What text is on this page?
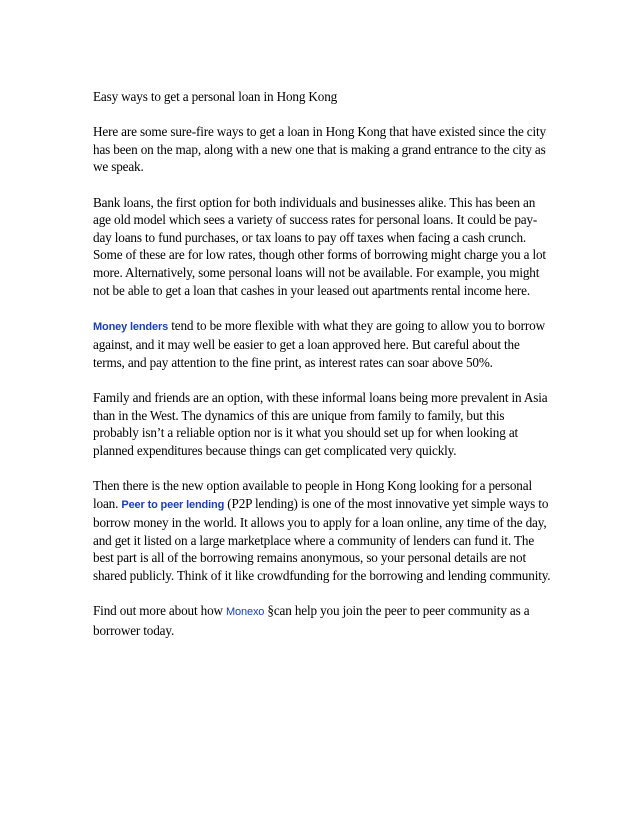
Easy ways to get a personal loan in Hong Kong

Here are some sure-fire ways to get a loan in Hong Kong that have existed since the city has been on the map, along with a new one that is making a grand entrance to the city as we speak.

Bank loans, the first option for both individuals and businesses alike. This has been an age old model which sees a variety of success rates for personal loans. It could be pay-day loans to fund purchases, or tax loans to pay off taxes when facing a cash crunch. Some of these are for low rates, though other forms of borrowing might charge you a lot more. Alternatively, some personal loans will not be available. For example, you might not be able to get a loan that cashes in your leased out apartments rental income here.

Money lenders tend to be more flexible with what they are going to allow you to borrow against, and it may well be easier to get a loan approved here. But careful about the terms, and pay attention to the fine print, as interest rates can soar above 50%.

Family and friends are an option, with these informal loans being more prevalent in Asia than in the West. The dynamics of this are unique from family to family, but this probably isn’t a reliable option nor is it what you should set up for when looking at planned expenditures because things can get complicated very quickly.

Then there is the new option available to people in Hong Kong looking for a personal loan. Peer to peer lending (P2P lending) is one of the most innovative yet simple ways to borrow money in the world. It allows you to apply for a loan online, any time of the day, and get it listed on a large marketplace where a community of lenders can fund it. The best part is all of the borrowing remains anonymous, so your personal details are not shared publicly. Think of it like crowdfunding for the borrowing and lending community.

Find out more about how Monexo §can help you join the peer to peer community as a borrower today.
